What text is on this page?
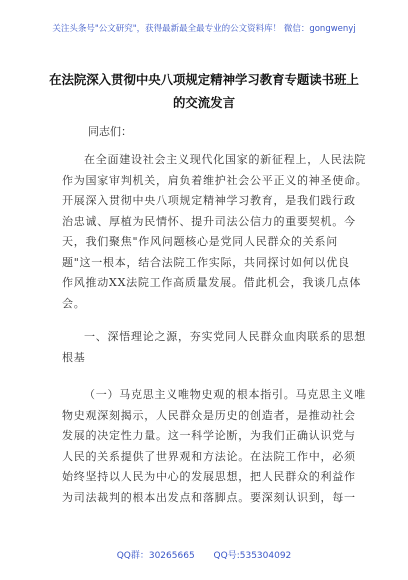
关注头条号"公文研究"，获得最新最全最专业的公文资料库！ 微信：gongwenyj
在法院深入贯彻中央八项规定精神学习教育专题读书班上
的交流发言
同志们：
在全面建设社会主义现代化国家的新征程上，人民法院
作为国家审判机关，肩负着维护社会公平正义的神圣使命。
开展深入贯彻中央八项规定精神学习教育，是我们践行政
治忠诚、厚植为民情怀、提升司法公信力的重要契机。今
天，我们聚焦"作风问题核心是党同人民群众的关系问
题"这一根本，结合法院工作实际，共同探讨如何以优良
作风推动XX法院工作高质量发展。借此机会，我谈几点体
会。
一、深悟理论之源，夯实党同人民群众血肉联系的思想
根基
（一）马克思主义唯物史观的根本指引。马克思主义唯
物史观深刻揭示，人民群众是历史的创造者，是推动社会
发展的决定性力量。这一科学论断，为我们正确认识党与
人民的关系提供了世界观和方法论。在法院工作中，必须
始终坚持以人民为中心的发展思想，把人民群众的利益作
为司法裁判的根本出发点和落脚点。要深刻认识到，每一
QQ群：30265665 QQ号:535304092
